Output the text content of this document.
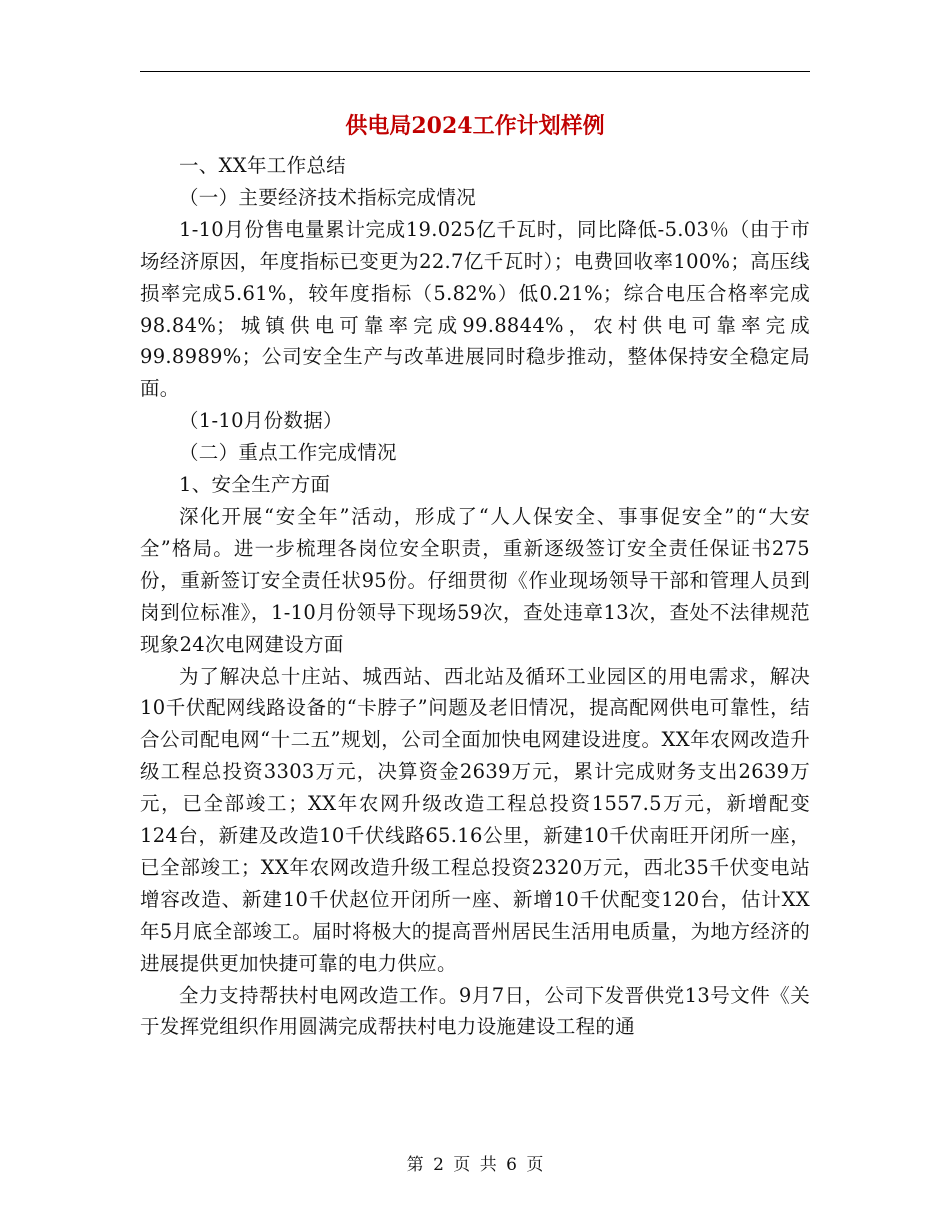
供电局2024工作计划样例

一、XX年工作总结

（一）主要经济技术指标完成情况

1-10月份售电量累计完成19.025亿千瓦时，同比降低-5.03％（由于市场经济原因，年度指标已变更为22.7亿千瓦时）；电费回收率100%；高压线损率完成5.61%，较年度指标（5.82%）低0.21%；综合电压合格率完成98.84%；城镇供电可靠率完成99.8844%，农村供电可靠率完成99.8989%；公司安全生产与改革进展同时稳步推动，整体保持安全稳定局面。

（1-10月份数据）

（二）重点工作完成情况

1、安全生产方面

深化开展“安全年”活动，形成了“人人保安全、事事促安全”的“大安全”格局。进一步梳理各岗位安全职责，重新逐级签订安全责任保证书275份，重新签订安全责任状95份。仔细贯彻《作业现场领导干部和管理人员到岗到位标准》，1-10月份领导下现场59次，查处违章13次，查处不法律规范现象24次电网建设方面

为了解决总十庄站、城西站、西北站及循环工业园区的用电需求，解决10千伏配网线路设备的“卡脖子”问题及老旧情况，提高配网供电可靠性，结合公司配电网“十二五”规划，公司全面加快电网建设进度。XX年农网改造升级工程总投资3303万元，决算资金2639万元，累计完成财务支出2639万元，已全部竣工；XX年农网升级改造工程总投资1557.5万元，新增配变124台，新建及改造10千伏线路65.16公里，新建10千伏南旺开闭所一座，已全部竣工；XX年农网改造升级工程总投资2320万元，西北35千伏变电站增容改造、新建10千伏赵位开闭所一座、新增10千伏配变120台，估计XX年5月底全部竣工。届时将极大的提高晋州居民生活用电质量，为地方经济的进展提供更加快捷可靠的电力供应。

全力支持帮扶村电网改造工作。9月7日，公司下发晋供党13号文件《关于发挥党组织作用圆满完成帮扶村电力设施建设工程的通

第 2 页 共 6 页
